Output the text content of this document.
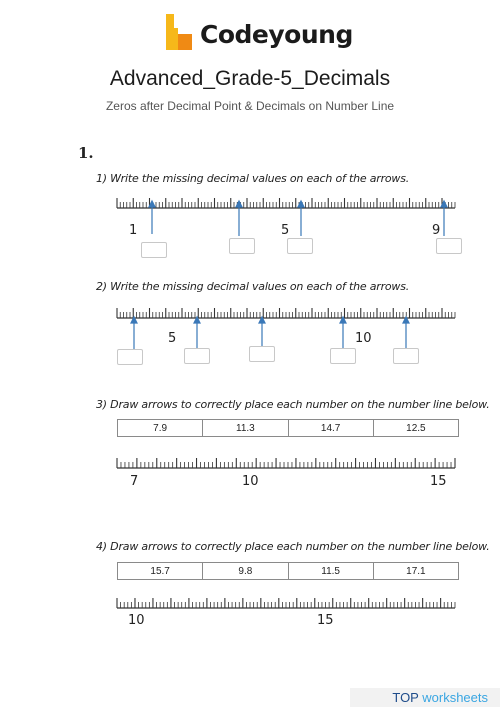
Codeyoung
Advanced_Grade-5_Decimals
Zeros after Decimal Point & Decimals on Number Line
1.
1) Write the missing decimal values on each of the arrows.
1	5	9
2) Write the missing decimal values on each of the arrows.
5	10
3) Draw arrows to correctly place each number on the number line below.
7.9	11.3	14.7	12.5
7	10	15
4) Draw arrows to correctly place each number on the number line below.
15.7	9.8	11.5	17.1
10	15
TOP worksheets
